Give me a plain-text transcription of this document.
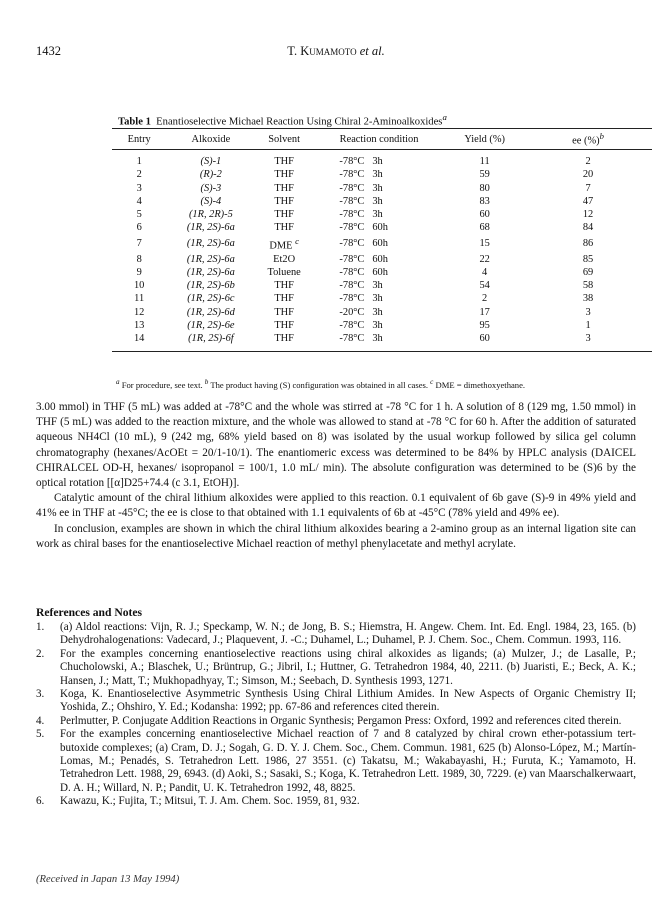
1432	T. Kumamoto et al.
Table 1 Enantioselective Michael Reaction Using Chiral 2-Aminoalkoxides$^a$
Entry	Alkoxide	Solvent	Reaction condition		Yield (%)	ee (%)$^b$
1	(S)-1	THF	-78°C	3h	11	2
2	(R)-2	THF	-78°C	3h	59	20
3	(S)-3	THF	-78°C	3h	80	7
4	(S)-4	THF	-78°C	3h	83	47
5	(1R, 2R)-5	THF	-78°C	3h	60	12
6	(1R, 2S)-6a	THF	-78°C	60h	68	84
7	(1R, 2S)-6a	DME $^c$	-78°C	60h	15	86
8	(1R, 2S)-6a	Et2O	-78°C	60h	22	85
9	(1R, 2S)-6a	Toluene	-78°C	60h	4	69
10	(1R, 2S)-6b	THF	-78°C	3h	54	58
11	(1R, 2S)-6c	THF	-78°C	3h	2	38
12	(1R, 2S)-6d	THF	-20°C	3h	17	3
13	(1R, 2S)-6e	THF	-78°C	3h	95	1
14	(1R, 2S)-6f	THF	-78°C	3h	60	3
$^a$ For procedure, see text. $^b$ The product having (S) configuration was obtained in all cases. $^c$ DME = dimethoxyethane.

3.00 mmol) in THF (5 mL) was added at -78°C and the whole was stirred at -78 °C for 1 h. A solution of 8 (129 mg, 1.50 mmol) in THF (5 mL) was added to the reaction mixture, and the whole was allowed to stand at -78 °C for 60 h. After the addition of saturated aqueous NH4Cl (10 mL), 9 (242 mg, 68% yield based on 8) was isolated by the usual workup followed by silica gel column chromatography (hexanes/AcOEt = 20/1-10/1). The enantiomeric excess was determined to be 84% by HPLC analysis (DAICEL CHIRALCEL OD-H, hexanes/ isopropanol = 100/1, 1.0 mL/ min). The absolute configuration was determined to be (S)6 by the optical rotation [[α]D25+74.4 (c 3.1, EtOH)].

Catalytic amount of the chiral lithium alkoxides were applied to this reaction. 0.1 equivalent of 6b gave (S)-9 in 49% yield and 41% ee in THF at -45°C; the ee is close to that obtained with 1.1 equivalents of 6b at -45°C (78% yield and 49% ee).

In conclusion, examples are shown in which the chiral lithium alkoxides bearing a 2-amino group as an internal ligation site can work as chiral bases for the enantioselective Michael reaction of methyl phenylacetate and methyl acrylate.

References and Notes
1. (a) Aldol reactions: Vijn, R. J.; Speckamp, W. N.; de Jong, B. S.; Hiemstra, H. Angew. Chem. Int. Ed. Engl. 1984, 23, 165. (b) Dehydrohalogenations: Vadecard, J.; Plaquevent, J. -C.; Duhamel, L.; Duhamel, P. J. Chem. Soc., Chem. Commun. 1993, 116.
2. For the examples concerning enantioselective reactions using chiral alkoxides as ligands; (a) Mulzer, J.; de Lasalle, P.; Chucholowski, A.; Blaschek, U.; Brüntrup, G.; Jibril, I.; Huttner, G. Tetrahedron 1984, 40, 2211. (b) Juaristi, E.; Beck, A. K.; Hansen, J.; Matt, T.; Mukhopadhyay, T.; Simson, M.; Seebach, D. Synthesis 1993, 1271.
3. Koga, K. Enantioselective Asymmetric Synthesis Using Chiral Lithium Amides. In New Aspects of Organic Chemistry II; Yoshida, Z.; Ohshiro, Y. Ed.; Kodansha: 1992; pp. 67-86 and references cited therein.
4. Perlmutter, P. Conjugate Addition Reactions in Organic Synthesis; Pergamon Press: Oxford, 1992 and references cited therein.
5. For the examples concerning enantioselective Michael reaction of 7 and 8 catalyzed by chiral crown ether-potassium tert-butoxide complexes; (a) Cram, D. J.; Sogah, G. D. Y. J. Chem. Soc., Chem. Commun. 1981, 625 (b) Alonso-López, M.; Martín-Lomas, M.; Penadés, S. Tetrahedron Lett. 1986, 27 3551. (c) Takatsu, M.; Wakabayashi, H.; Furuta, K.; Yamamoto, H. Tetrahedron Lett. 1988, 29, 6943. (d) Aoki, S.; Sasaki, S.; Koga, K. Tetrahedron Lett. 1989, 30, 7229. (e) van Maarschalkerwaart, D. A. H.; Willard, N. P.; Pandit, U. K. Tetrahedron 1992, 48, 8825.
6. Kawazu, K.; Fujita, T.; Mitsui, T. J. Am. Chem. Soc. 1959, 81, 932.
(Received in Japan 13 May 1994)
